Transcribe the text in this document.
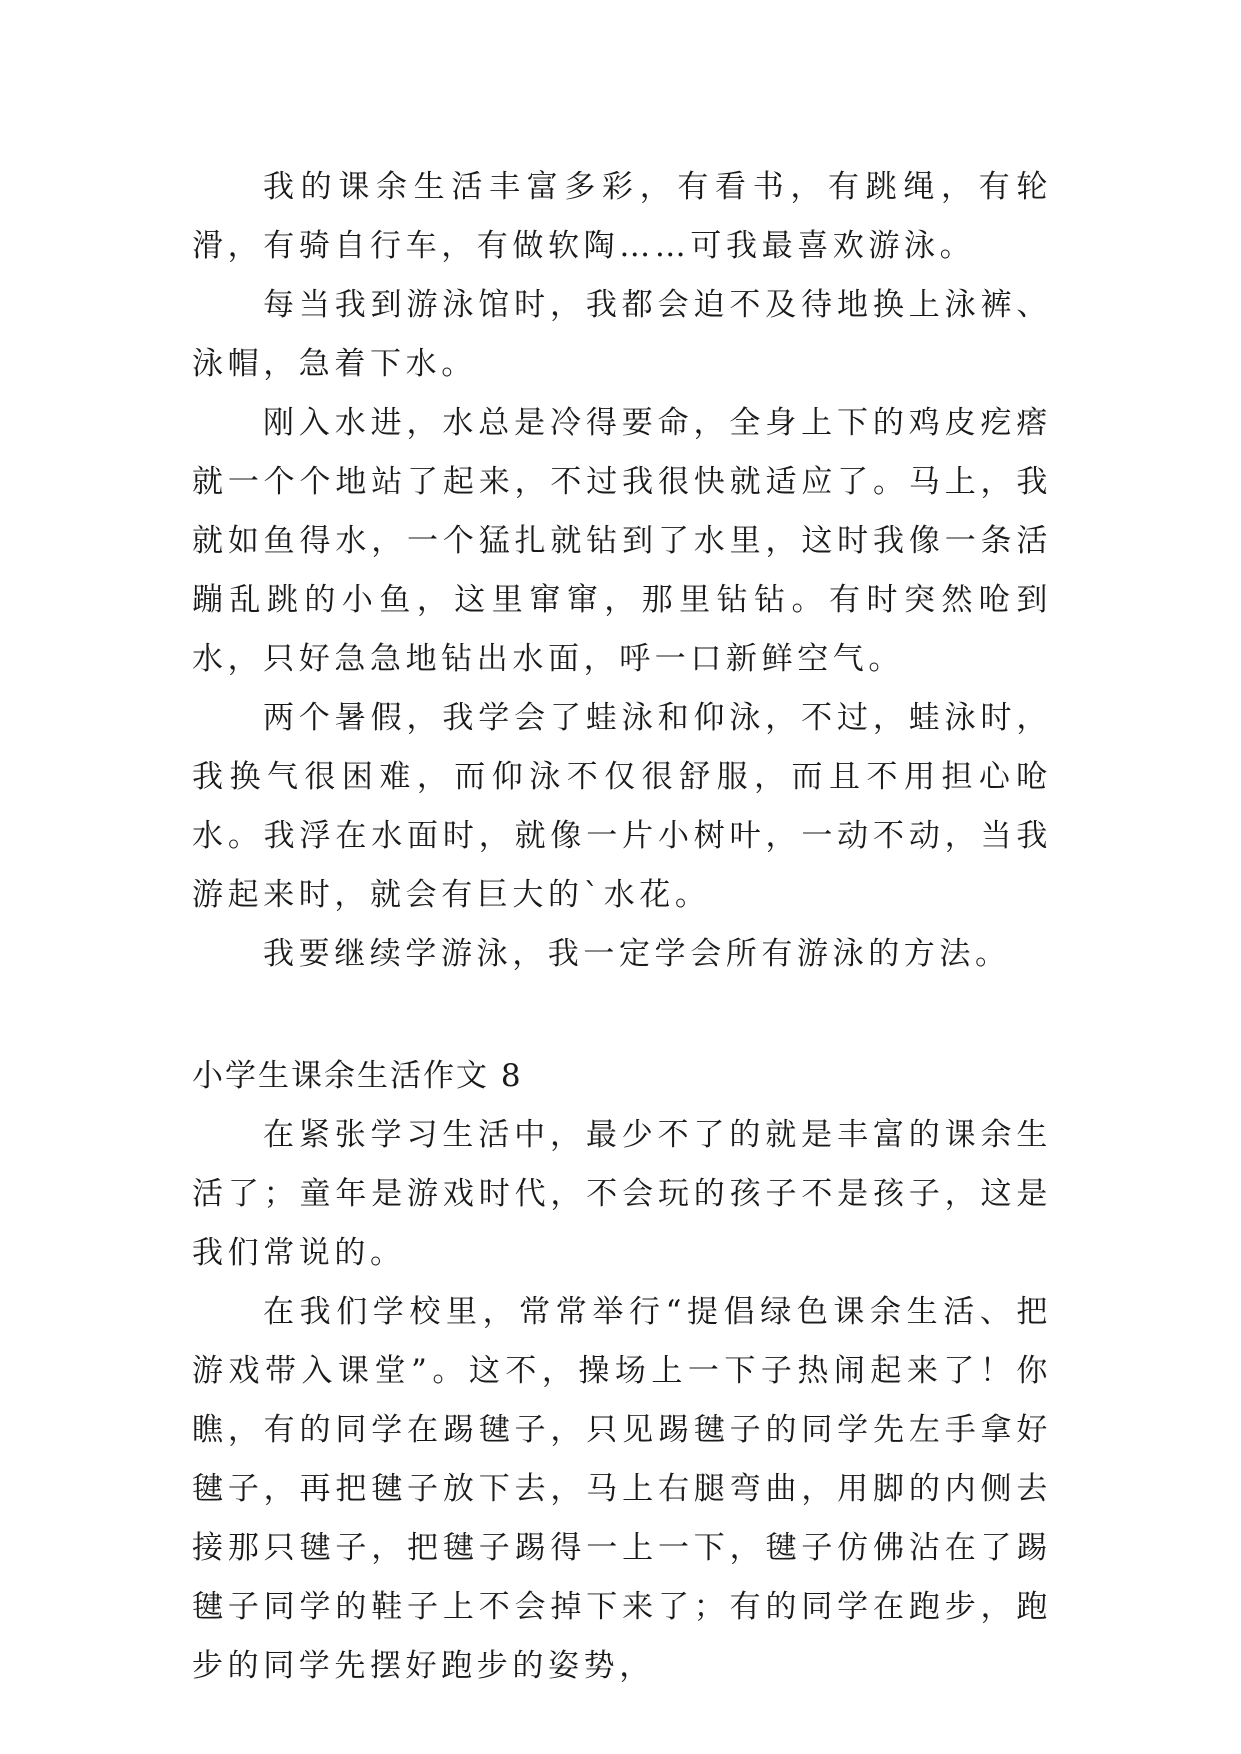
我的课余生活丰富多彩，有看书，有跳绳，有轮滑，有骑自行车，有做软陶……可我最喜欢游泳。

每当我到游泳馆时，我都会迫不及待地换上泳裤、泳帽，急着下水。

刚入水进，水总是冷得要命，全身上下的鸡皮疙瘩就一个个地站了起来，不过我很快就适应了。马上，我就如鱼得水，一个猛扎就钻到了水里，这时我像一条活蹦乱跳的小鱼，这里窜窜，那里钻钻。有时突然呛到水，只好急急地钻出水面，呼一口新鲜空气。

两个暑假，我学会了蛙泳和仰泳，不过，蛙泳时，我换气很困难，而仰泳不仅很舒服，而且不用担心呛水。我浮在水面时，就像一片小树叶，一动不动，当我游起来时，就会有巨大的`水花。

我要继续学游泳，我一定学会所有游泳的方法。

小学生课余生活作文 8

在紧张学习生活中，最少不了的就是丰富的课余生活了；童年是游戏时代，不会玩的孩子不是孩子，这是我们常说的。

在我们学校里，常常举行“提倡绿色课余生活、把游戏带入课堂”。这不，操场上一下子热闹起来了！你瞧，有的同学在踢毽子，只见踢毽子的同学先左手拿好毽子，再把毽子放下去，马上右腿弯曲，用脚的内侧去接那只毽子，把毽子踢得一上一下，毽子仿佛沾在了踢毽子同学的鞋子上不会掉下来了；有的同学在跑步，跑步的同学先摆好跑步的姿势，
